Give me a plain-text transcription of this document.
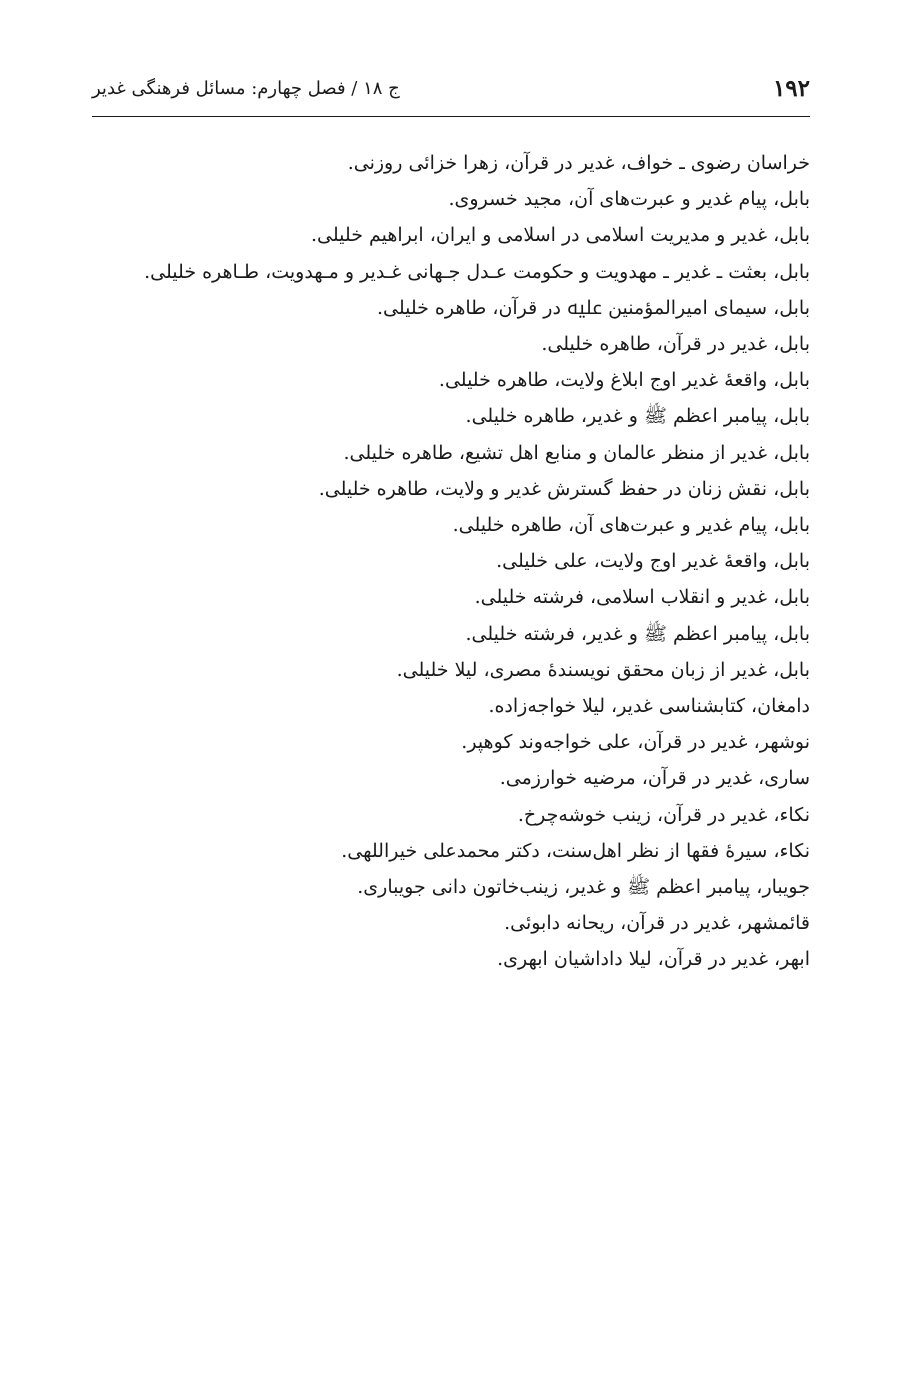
۱۹۲
ج ۱۸ / فصل چهارم: مسائل فرهنگی غدیر

خراسان رضوی ـ خواف، غدیر در قرآن، زهرا خزائی روزنی.

بابل، پیام غدیر و عبرت‌های آن، مجید خسروی.

بابل، غدیر و مدیریت اسلامی در اسلامی و ایران، ابراهیم خلیلی.

بابل، بعثت ـ غدیر ـ مهدویت و حکومت عـدل جـهانی غـدیر و مـهدویت، طـاهره خلیلی.

بابل، سیمای امیرالمؤمنین ﷷ در قرآن، طاهره خلیلی.

بابل، غدیر در قرآن، طاهره خلیلی.

بابل، واقعهٔ غدیر اوج ابلاغ ولایت، طاهره خلیلی.

بابل، پیامبر اعظم ﷺ و غدیر، طاهره خلیلی.

بابل، غدیر از منظر عالمان و منابع اهل تشیع، طاهره خلیلی.

بابل، نقش زنان در حفظ گسترش غدیر و ولایت، طاهره خلیلی.

بابل، پیام غدیر و عبرت‌های آن، طاهره خلیلی.

بابل، واقعهٔ غدیر اوج ولایت، علی خلیلی.

بابل، غدیر و انقلاب اسلامی، فرشته خلیلی.

بابل، پیامبر اعظم ﷺ و غدیر، فرشته خلیلی.

بابل، غدیر از زبان محقق نویسندهٔ مصری، لیلا خلیلی.

دامغان، کتابشناسی غدیر، لیلا خواجه‌زاده.

نوشهر، غدیر در قرآن، علی خواجه‌وند کوهپر.

ساری، غدیر در قرآن، مرضیه خوارزمی.

نکاء، غدیر در قرآن، زینب خوشه‌چرخ.

نکاء، سیرهٔ فقها از نظر اهل‌سنت، دکتر محمدعلی خیراللهی.

جویبار، پیامبر اعظم ﷺ و غدیر، زینب‌خاتون دانی جویباری.

قائمشهر، غدیر در قرآن، ریحانه دابوئی.

ابهر، غدیر در قرآن، لیلا داداشیان ابهری.
